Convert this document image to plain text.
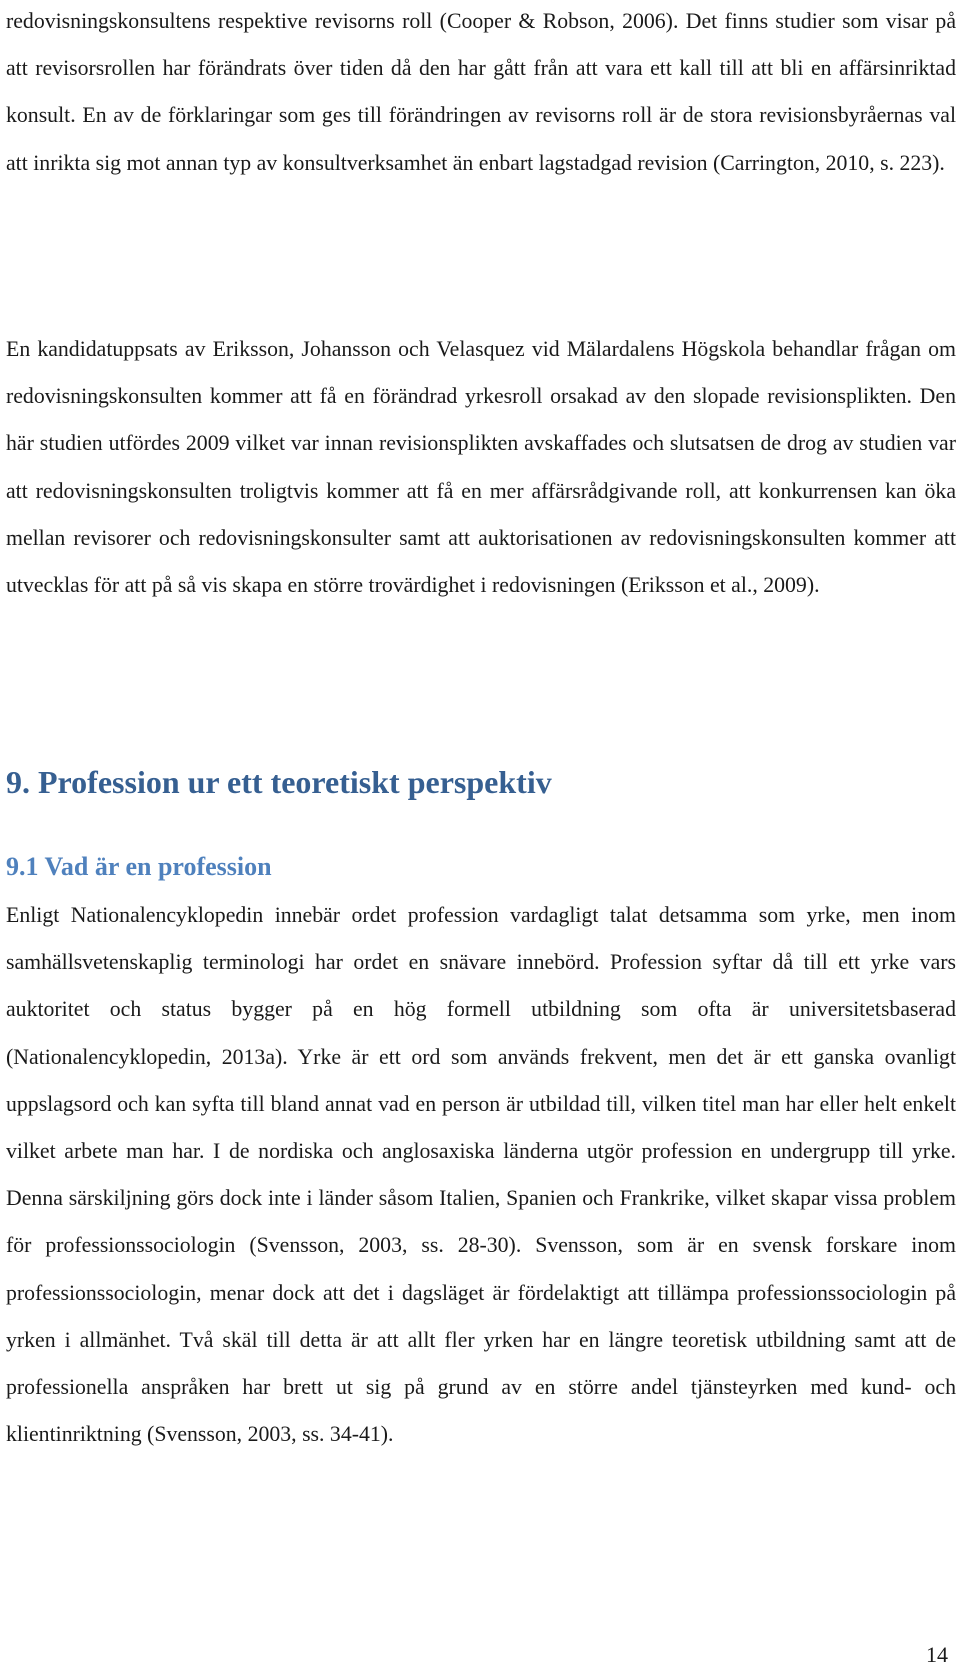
redovisningskonsultens respektive revisorns roll (Cooper & Robson, 2006). Det finns studier som visar på att revisorsrollen har förändrats över tiden då den har gått från att vara ett kall till att bli en affärsinriktad konsult. En av de förklaringar som ges till förändringen av revisorns roll är de stora revisionsbyråernas val att inrikta sig mot annan typ av konsultverksamhet än enbart lagstadgad revision (Carrington, 2010, s. 223).

En kandidatuppsats av Eriksson, Johansson och Velasquez vid Mälardalens Högskola behandlar frågan om redovisningskonsulten kommer att få en förändrad yrkesroll orsakad av den slopade revisionsplikten. Den här studien utfördes 2009 vilket var innan revisionsplikten avskaffades och slutsatsen de drog av studien var att redovisningskonsulten troligtvis kommer att få en mer affärsrådgivande roll, att konkurrensen kan öka mellan revisorer och redovisningskonsulter samt att auktorisationen av redovisningskonsulten kommer att utvecklas för att på så vis skapa en större trovärdighet i redovisningen (Eriksson et al., 2009).

9. Profession ur ett teoretiskt perspektiv
9.1 Vad är en profession

Enligt Nationalencyklopedin innebär ordet profession vardagligt talat detsamma som yrke, men inom samhällsvetenskaplig terminologi har ordet en snävare innebörd. Profession syftar då till ett yrke vars auktoritet och status bygger på en hög formell utbildning som ofta är universitetsbaserad (Nationalencyklopedin, 2013a). Yrke är ett ord som används frekvent, men det är ett ganska ovanligt uppslagsord och kan syfta till bland annat vad en person är utbildad till, vilken titel man har eller helt enkelt vilket arbete man har. I de nordiska och anglosaxiska länderna utgör profession en undergrupp till yrke. Denna särskiljning görs dock inte i länder såsom Italien, Spanien och Frankrike, vilket skapar vissa problem för professionssociologin (Svensson, 2003, ss. 28-30). Svensson, som är en svensk forskare inom professionssociologin, menar dock att det i dagsläget är fördelaktigt att tillämpa professionssociologin på yrken i allmänhet. Två skäl till detta är att allt fler yrken har en längre teoretisk utbildning samt att de professionella anspråken har brett ut sig på grund av en större andel tjänsteyrken med kund- och klientinriktning (Svensson, 2003, ss. 34-41).

14
